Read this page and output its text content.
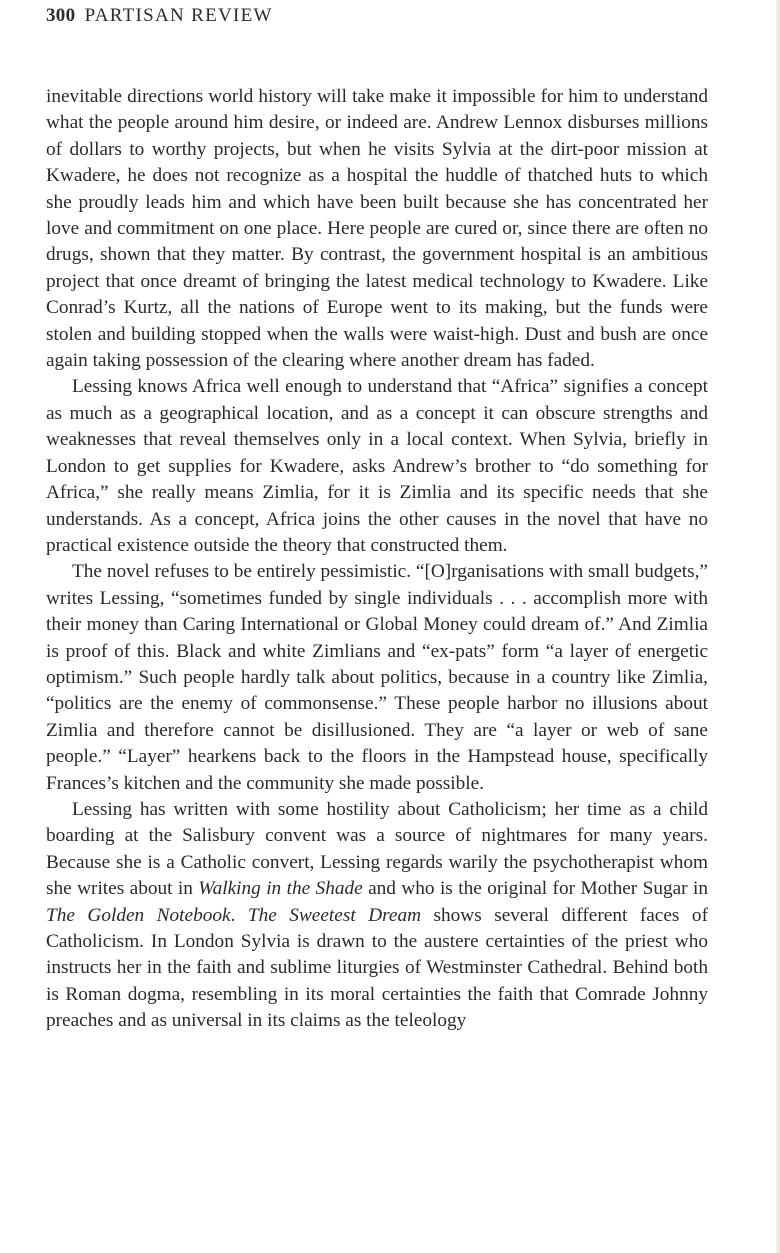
300 PARTISAN REVIEW

inevitable directions world history will take make it impossible for him to understand what the people around him desire, or indeed are. Andrew Lennox disburses millions of dollars to worthy projects, but when he visits Sylvia at the dirt-poor mission at Kwadere, he does not recognize as a hospital the huddle of thatched huts to which she proudly leads him and which have been built because she has concentrated her love and commitment on one place. Here people are cured or, since there are often no drugs, shown that they matter. By contrast, the government hospital is an ambitious project that once dreamt of bringing the latest medical technology to Kwadere. Like Conrad’s Kurtz, all the nations of Europe went to its making, but the funds were stolen and building stopped when the walls were waist-high. Dust and bush are once again taking possession of the clearing where another dream has faded.

Lessing knows Africa well enough to understand that “Africa” signifies a concept as much as a geographical location, and as a concept it can obscure strengths and weaknesses that reveal themselves only in a local context. When Sylvia, briefly in London to get supplies for Kwadere, asks Andrew’s brother to “do something for Africa,” she really means Zimlia, for it is Zimlia and its specific needs that she understands. As a concept, Africa joins the other causes in the novel that have no practical existence outside the theory that constructed them.

The novel refuses to be entirely pessimistic. “[O]rganisations with small budgets,” writes Lessing, “sometimes funded by single individuals . . . accomplish more with their money than Caring International or Global Money could dream of.” And Zimlia is proof of this. Black and white Zimlians and “ex-pats” form “a layer of energetic optimism.” Such people hardly talk about politics, because in a country like Zimlia, “politics are the enemy of commonsense.” These people harbor no illusions about Zimlia and therefore cannot be disillusioned. They are “a layer or web of sane people.” “Layer” hearkens back to the floors in the Hampstead house, specifically Frances’s kitchen and the community she made possible.

Lessing has written with some hostility about Catholicism; her time as a child boarding at the Salisbury convent was a source of nightmares for many years. Because she is a Catholic convert, Lessing regards warily the psychotherapist whom she writes about in Walking in the Shade and who is the original for Mother Sugar in The Golden Notebook. The Sweetest Dream shows several different faces of Catholicism. In London Sylvia is drawn to the austere certainties of the priest who instructs her in the faith and sublime liturgies of Westminster Cathedral. Behind both is Roman dogma, resembling in its moral certainties the faith that Comrade Johnny preaches and as universal in its claims as the teleology
